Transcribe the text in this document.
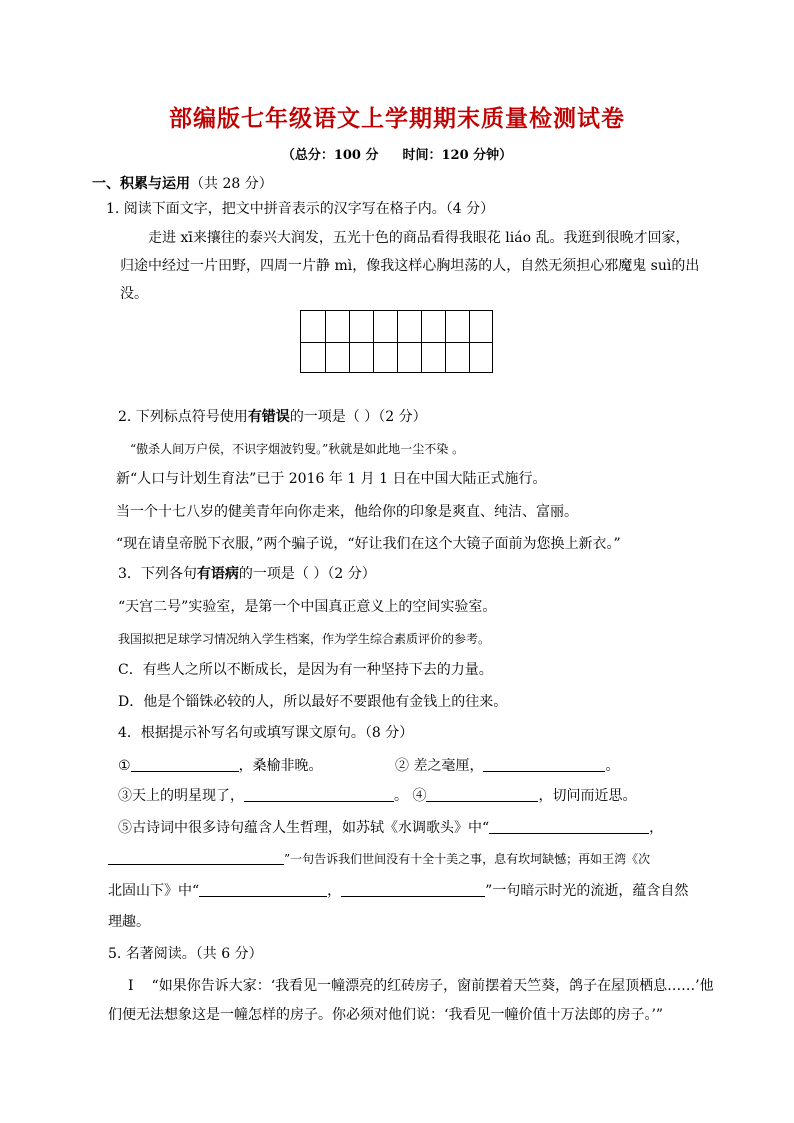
部编版七年级语文上学期期末质量检测试卷
（总分：100 分 时间：120 分钟）
一、积累与运用（共 28 分）
1. 阅读下面文字，把文中拼音表示的汉字写在格子内。（4 分）
走进 xī来攘往的泰兴大润发，五光十色的商品看得我眼花 liáo 乱。我逛到很晚才回家，
归途中经过一片田野，四周一片静 mì，像我这样心胸坦荡的人，自然无须担心邪魔鬼 suì的出
没。
2. 下列标点符号使用有错误的一项是（ ）（2 分）
“傲杀人间万户侯，不识字烟波钓叟。”秋就是如此地一尘不染 。
新“人口与计划生育法”已于 2016 年 1 月 1 日在中国大陆正式施行。
当一个十七八岁的健美青年向你走来，他给你的印象是爽直、纯洁、富丽。
“现在请皇帝脱下衣服，”两个骗子说，“好让我们在这个大镜子面前为您换上新衣。”
3．下列各句有语病的一项是（ ）（2 分）
“天宫二号”实验室，是第一个中国真正意义上的空间实验室。
我国拟把足球学习情况纳入学生档案，作为学生综合素质评价的参考。
C．有些人之所以不断成长，是因为有一种坚持下去的力量。
D．他是个锱铢必较的人，所以最好不要跟他有金钱上的往来。
4．根据提示补写名句或填写课文原句。（8 分）
①	，桑榆非晚。	② 差之毫厘，	。
③天上的明星现了，	。 ④	，切问而近思。
⑤古诗词中很多诗句蕴含人生哲理，如苏轼《水调歌头》中“	，
”一句告诉我们世间没有十全十美之事，息有坎坷缺憾；再如王湾《次
北固山下》中“	，	”一句暗示时光的流逝，蕴含自然
理趣。
5. 名著阅读。（共 6 分）
Ⅰ “如果你告诉大家：‘我看见一幢漂亮的红砖房子，窗前摆着天竺葵，鸽子在屋顶栖息……’他
们便无法想象这是一幢怎样的房子。你必须对他们说：‘我看见一幢价值十万法郎的房子。’”
